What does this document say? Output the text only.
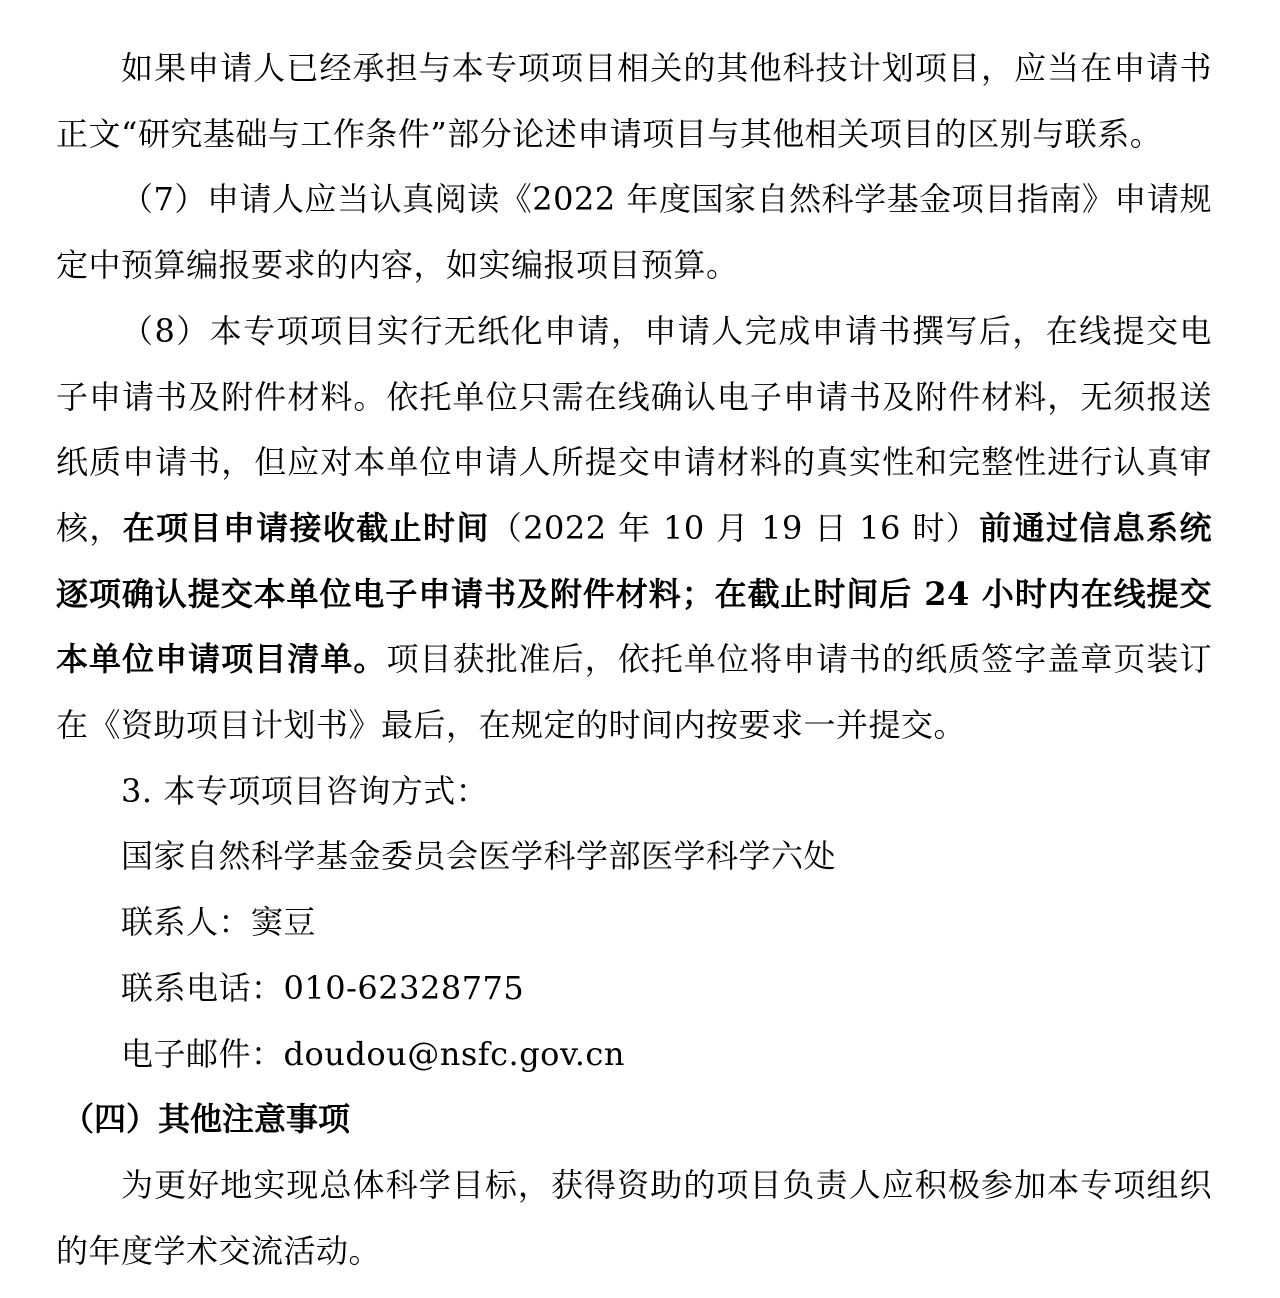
如果申请人已经承担与本专项项目相关的其他科技计划项目，应当在申请书正文“研究基础与工作条件”部分论述申请项目与其他相关项目的区别与联系。

（7）申请人应当认真阅读《2022 年度国家自然科学基金项目指南》申请规定中预算编报要求的内容，如实编报项目预算。

（8）本专项项目实行无纸化申请，申请人完成申请书撰写后，在线提交电子申请书及附件材料。依托单位只需在线确认电子申请书及附件材料，无须报送纸质申请书，但应对本单位申请人所提交申请材料的真实性和完整性进行认真审核，在项目申请接收截止时间（2022 年 10 月 19 日 16 时）前通过信息系统逐项确认提交本单位电子申请书及附件材料；在截止时间后 24 小时内在线提交本单位申请项目清单。项目获批准后，依托单位将申请书的纸质签字盖章页装订在《资助项目计划书》最后，在规定的时间内按要求一并提交。

3. 本专项项目咨询方式：

国家自然科学基金委员会医学科学部医学科学六处

联系人：窦豆

联系电话：010-62328775

电子邮件：doudou@nsfc.gov.cn

（四）其他注意事项

为更好地实现总体科学目标，获得资助的项目负责人应积极参加本专项组织的年度学术交流活动。
